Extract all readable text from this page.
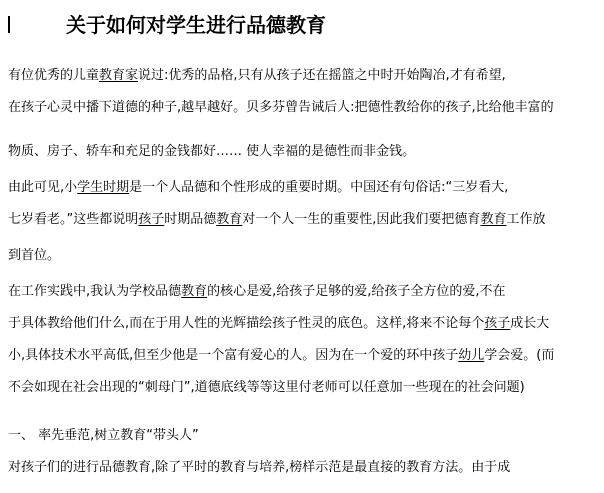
关于如何对学生进行品德教育
有位优秀的儿童教育家说过:优秀的品格,只有从孩子还在摇篮之中时开始陶冶,才有希望,
在孩子心灵中播下道德的种子,越早越好。贝多芬曾告诫后人:把德性教给你的孩子,比给他丰富的
物质、房子、轿车和充足的金钱都好…… 使人幸福的是德性而非金钱。
由此可见,小学生时期是一个人品德和个性形成的重要时期。中国还有句俗话:“三岁看大,
七岁看老。”这些都说明孩子时期品德教育对一个人一生的重要性,因此我们要把德育教育工作放
到首位。
在工作实践中,我认为学校品德教育的核心是爱,给孩子足够的爱,给孩子全方位的爱,不在
于具体教给他们什么,而在于用人性的光辉描绘孩子性灵的底色。这样,将来不论每个孩子成长大
小,具体技术水平高低,但至少他是一个富有爱心的人。因为在一个爱的环中孩子幼儿学会爱。(而
不会如现在社会出现的“刺母门”,道德底线等等这里付老师可以任意加一些现在的社会问题)
一、 率先垂范,树立教育“带头人”
对孩子们的进行品德教育,除了平时的教育与培养,榜样示范是最直接的教育方法。由于成
